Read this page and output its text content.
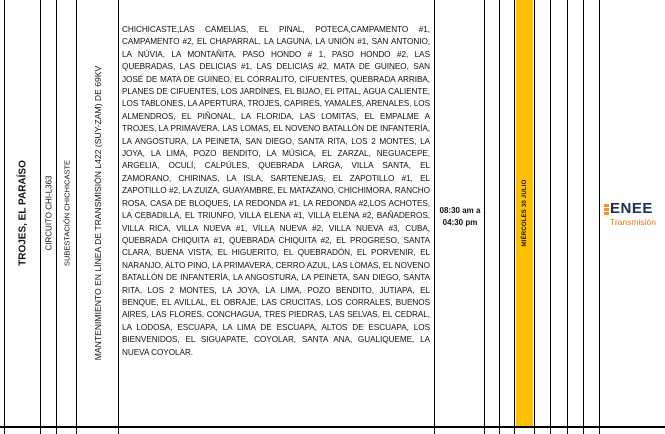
MIÉRCOLES 30 JULIO
TROJES, EL PARAÍSO CIRCUITO CHI-L363 SUBESTACIÓN CHICHICASTE	MANTENIMIENTO EN LÍNEA DE TRANSMISIÓN L422 (SUY-ZAM) DE 69KV
CHICHICASTE,LAS CAMELIAS, EL PINAL, POTECA,CAMPAMENTO #1, CAMPAMENTO #2, EL CHAPARRAL, LA LAGUNA, LA UNIÓN #1, SAN ANTONIO, LA NÚVIA, LA MONTAÑITA, PASO HONDO # 1, PASO HONDO #2, LAS QUEBRADAS, LAS DELICIAS #1, LAS DELICIAS #2, MATA DE GUINEO, SAN JOSÉ DE MATA DE GUINEO, EL CORRALITO, CIFUENTES, QUEBRADA ARRIBA, PLANES DE CIFUENTES, LOS JARDÍNES, EL BIJAO, EL PITAL, AGUA CALIENTE, LOS TABLONES, LA APERTURA, TROJES, CAPIRES, YAMALES, ARENALES, LOS ALMENDROS, EL PIÑONAL, LA FLORIDA, LAS LOMITAS, EL EMPALME A TROJES, LA PRIMAVERA, LAS LOMAS, EL NOVENO BATALLÓN DE INFANTERÍA, LA ANGOSTURA, LA PEINETA, SAN DIEGO, SANTA RITA, LOS 2 MONTES, LA JOYA, LA LIMA, POZO BENDITO, LA MÚSICA, EL ZARZAL, NEGUACEPE, ARGELIA, OCULÍ, CALPÚLES, QUEBRADA LARGA, VILLA SANTA, EL ZAMORANO, CHIRINAS, LA ISLA, SARTENEJAS, EL ZAPOTILLO #1, EL ZAPOTILLO #2, LA ZUIZA, GUAYAMBRE, EL MATAZANO, CHICHIMORA, RANCHO ROSA, CASA DE BLOQUES, LA REDONDA #1, LA REDONDA #2,LOS ACHOTES, LA CEBADILLA, EL TRIUNFO, VILLA ELENA #1, VILLA ELENA #2, BAÑADEROS, VILLA RICA, VILLA NUEVA #1, VILLA NUEVA #2, VILLA NUEVA #3, CUBA, QUEBRADA CHIQUITA #1, QUEBRADA CHIQUITA #2, EL PROGRESO, SANTA CLARA, BUENA VISTA, EL HIGUERITO, EL QUEBRADÓN, EL PORVENIR, EL NARANJO, ALTO PINO, LA PRIMAVERA, CERRO AZUL, LAS LOMAS, EL NOVENO BATALLÓN DE INFANTERÍA, LA ANGOSTURA, LA PEINETA, SAN DIEGO, SANTA RITA, LOS 2 MONTES, LA JOYA, LA LIMA, POZO BENDITO, JUTIAPA, EL BENQUE, EL AVILLAL, EL OBRAJE, LAS CRUCITAS, LOS CORRALES, BUENOS AIRES, LAS FLORES, CONCHAGUA, TRES PIEDRAS, LAS SELVAS, EL CEDRAL, LA LODOSA, ESCUAPA, LA LIMA DE ESCUAPA, ALTOS DE ESCUAPA, LOS BIENVENIDOS, EL SIGUAPATE, COYOLAR, SANTA ANA, GUALIQUEME, LA NUEVA COYOLAR.
08:30 am a 04:30 pm
ENEE
Transmisión
